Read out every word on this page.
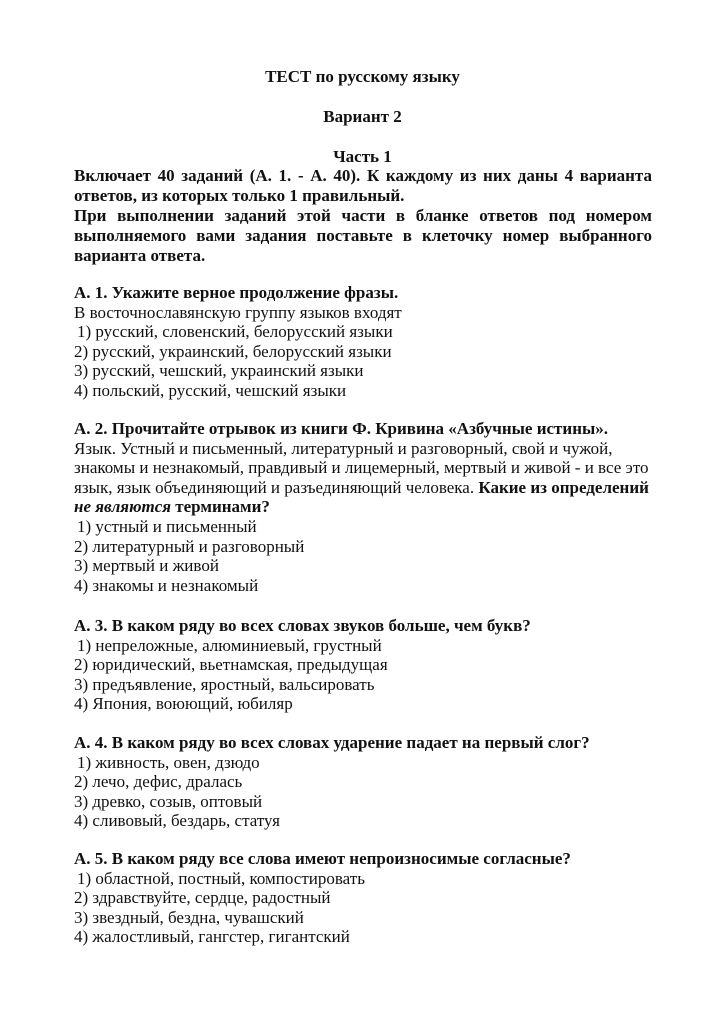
ТЕСТ по русскому языку
Вариант 2
Часть 1

Включает 40 заданий (А. 1. - А. 40). К каждому из них даны 4 варианта ответов, из которых только 1 правильный.

При выполнении заданий этой части в бланке ответов под номером выполняемого вами задания поставьте в клеточку номер выбранного варианта ответа.

А. 1. Укажите верное продолжение фразы.

В восточнославянскую группу языков входят

1) русский, словенский, белорусский языки

2) русский, украинский, белорусский языки

3) русский, чешский, украинский языки

4) польский, русский, чешский языки

А. 2. Прочитайте отрывок из книги Ф. Кривина «Азбучные истины».

Язык. Устный и письменный, литературный и разговорный, свой и чужой,

знакомы и незнакомый, правдивый и лицемерный, мертвый и живой - и все это

язык, язык объединяющий и разъединяющий человека. Какие из определений

не являются терминами?

1) устный и письменный

2) литературный и разговорный

3) мертвый и живой

4) знакомы и незнакомый

А. 3. В каком ряду во всех словах звуков больше, чем букв?

1) непреложные, алюминиевый, грустный

2) юридический, вьетнамская, предыдущая

3) предъявление, яростный, вальсировать

4) Япония, воюющий, юбиляр

А. 4. В каком ряду во всех словах ударение падает на первый слог?

1) живность, овен, дзюдо

2) лечо, дефис, дралась

3) древко, созыв, оптовый

4) сливовый, бездарь, статуя

А. 5. В каком ряду все слова имеют непроизносимые согласные?

1) областной, постный, компостировать

2) здравствуйте, сердце, радостный

3) звездный, бездна, чувашский

4) жалостливый, гангстер, гигантский
